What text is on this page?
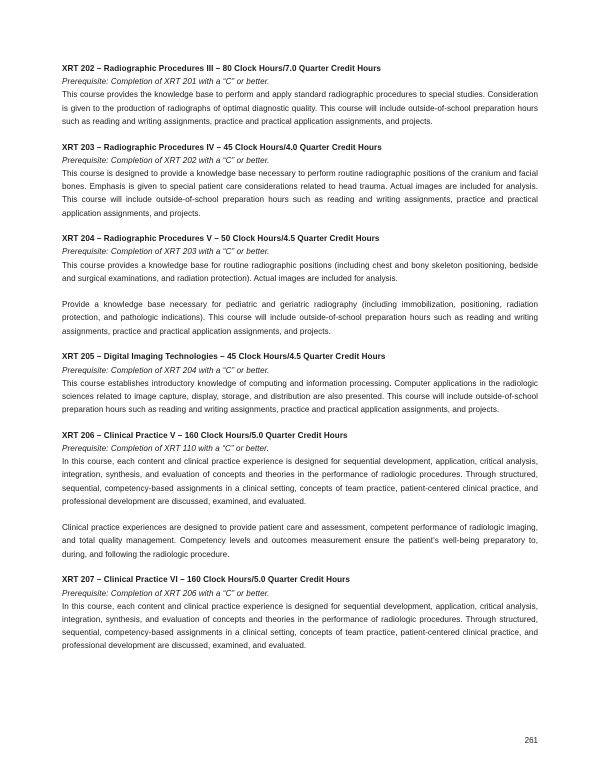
XRT 202 – Radiographic Procedures III – 80 Clock Hours/7.0 Quarter Credit Hours

Prerequisite: Completion of XRT 201 with a “C” or better.

This course provides the knowledge base to perform and apply standard radiographic procedures to special studies. Consideration is given to the production of radiographs of optimal diagnostic quality. This course will include outside-of-school preparation hours such as reading and writing assignments, practice and practical application assignments, and projects.

XRT 203 – Radiographic Procedures IV – 45 Clock Hours/4.0 Quarter Credit Hours

Prerequisite: Completion of XRT 202 with a “C” or better.

This course is designed to provide a knowledge base necessary to perform routine radiographic positions of the cranium and facial bones. Emphasis is given to special patient care considerations related to head trauma. Actual images are included for analysis. This course will include outside-of-school preparation hours such as reading and writing assignments, practice and practical application assignments, and projects.

XRT 204 – Radiographic Procedures V – 50 Clock Hours/4.5 Quarter Credit Hours

Prerequisite: Completion of XRT 203 with a “C” or better.

This course provides a knowledge base for routine radiographic positions (including chest and bony skeleton positioning, bedside and surgical examinations, and radiation protection). Actual images are included for analysis.

Provide a knowledge base necessary for pediatric and geriatric radiography (including immobilization, positioning, radiation protection, and pathologic indications). This course will include outside-of-school preparation hours such as reading and writing assignments, practice and practical application assignments, and projects.

XRT 205 – Digital Imaging Technologies – 45 Clock Hours/4.5 Quarter Credit Hours

Prerequisite: Completion of XRT 204 with a “C” or better.

This course establishes introductory knowledge of computing and information processing. Computer applications in the radiologic sciences related to image capture, display, storage, and distribution are also presented. This course will include outside-of-school preparation hours such as reading and writing assignments, practice and practical application assignments, and projects.

XRT 206 – Clinical Practice V – 160 Clock Hours/5.0 Quarter Credit Hours

Prerequisite: Completion of XRT 110 with a “C” or better.

In this course, each content and clinical practice experience is designed for sequential development, application, critical analysis, integration, synthesis, and evaluation of concepts and theories in the performance of radiologic procedures. Through structured, sequential, competency-based assignments in a clinical setting, concepts of team practice, patient-centered clinical practice, and professional development are discussed, examined, and evaluated.

Clinical practice experiences are designed to provide patient care and assessment, competent performance of radiologic imaging, and total quality management. Competency levels and outcomes measurement ensure the patient’s well-being preparatory to, during, and following the radiologic procedure.

XRT 207 – Clinical Practice VI – 160 Clock Hours/5.0 Quarter Credit Hours

Prerequisite: Completion of XRT 206 with a “C” or better.

In this course, each content and clinical practice experience is designed for sequential development, application, critical analysis, integration, synthesis, and evaluation of concepts and theories in the performance of radiologic procedures. Through structured, sequential, competency-based assignments in a clinical setting, concepts of team practice, patient-centered clinical practice, and professional development are discussed, examined, and evaluated.

261
